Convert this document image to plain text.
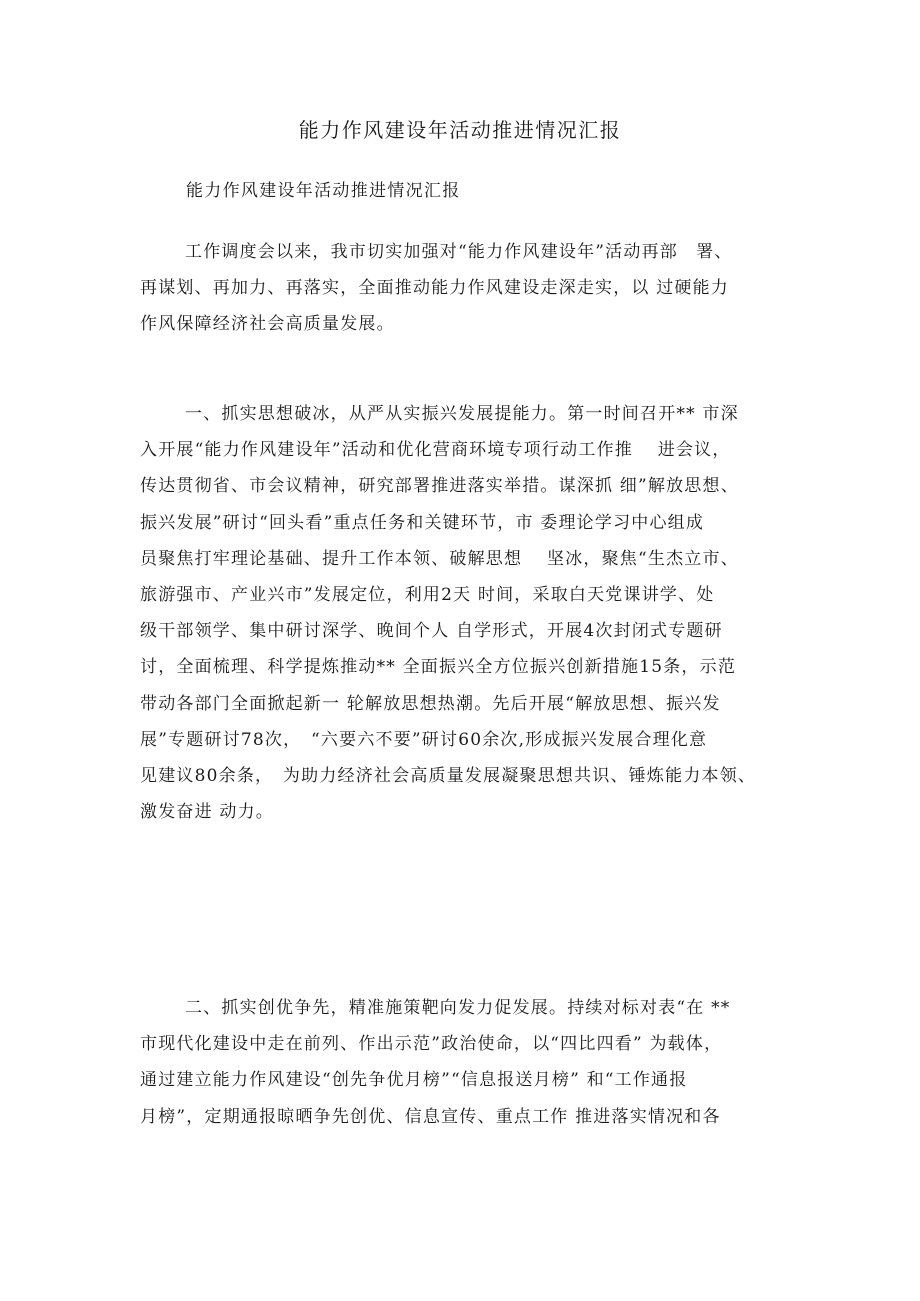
能力作风建设年活动推进情况汇报
能力作风建设年活动推进情况汇报
工作调度会以来，我市切实加强对“能力作风建设年”活动再部　署、
再谋划、再加力、再落实，全面推动能力作风建设走深走实，以 过硬能力
作风保障经济社会高质量发展。
一、抓实思想破冰，从严从实振兴发展提能力。第一时间召开** 市深
入开展“能力作风建设年”活动和优化营商环境专项行动工作推　 进会议，
传达贯彻省、市会议精神，研究部署推进落实举措。谋深抓 细”解放思想、
振兴发展”研讨“回头看”重点任务和关键环节，市 委理论学习中心组成
员聚焦打牢理论基础、提升工作本领、破解思想　 坚冰，聚焦“生杰立市、
旅游强市、产业兴市”发展定位，利用2天 时间，采取白天党课讲学、处
级干部领学、集中研讨深学、晚间个人 自学形式，开展4次封闭式专题研
讨，全面梳理、科学提炼推动** 全面振兴全方位振兴创新措施15条，示范
带动各部门全面掀起新一 轮解放思想热潮。先后开展“解放思想、振兴发
展”专题研讨78次，　“六要六不要”研讨60余次,形成振兴发展合理化意
见建议80余条，　为助力经济社会高质量发展凝聚思想共识、锤炼能力本领、
激发奋进 动力。
二、抓实创优争先，精准施策靶向发力促发展。持续对标对表“在 **
市现代化建设中走在前列、作出示范”政治使命，以“四比四看” 为载体，
通过建立能力作风建设“创先争优月榜”“信息报送月榜” 和“工作通报
月榜”，定期通报晾晒争先创优、信息宣传、重点工作 推进落实情况和各
